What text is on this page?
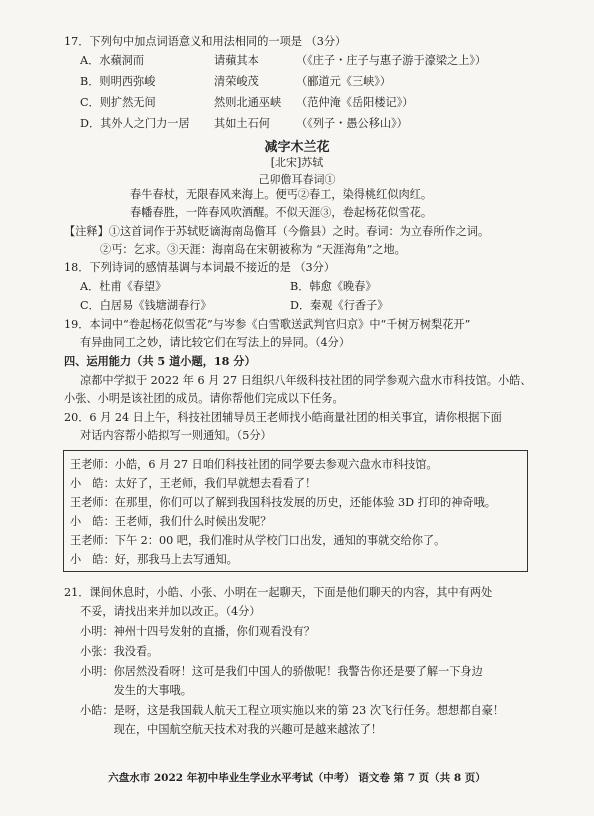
17．下列句中加点词语意义和用法相同的一项是 （3分）
A．水蘋洞而	请蘋其本	（《庄子・庄子与惠子游于濠梁之上》）
B．则明西弥峻	清荣峻茂	（郦道元《三峡》）
C．则扩然无间	然则北通巫峡 （范仲淹《岳阳楼记》）
D．其外人之门力一居 其如土石何 （《列子・愚公移山》）
减字木兰花
[北宋]苏轼
己卯儋耳春词①
春牛春杖，无限春风来海上。便丐②春工，染得桃红似肉红。
春幡春胜，一阵春风吹酒醒。不似天涯③，卷起杨花似雪花。
【注释】①这首词作于苏轼贬谪海南岛儋耳（今儋县）之时。春词：为立春所作之词。
②丐：乞求。③天涯：海南岛在宋朝被称为 “天涯海角”之地。
18．下列诗词的感情基调与本词最不接近的是 （3分）
A．杜甫《春望》	B．韩愈《晚春》
C．白居易《钱塘湖春行》	D．秦观《行香子》
19．本词中“卷起杨花似雪花”与岑参《白雪歌送武判官归京》中“千树万树梨花开”
有异曲同工之妙，请比较它们在写法上的异同。（4分）
四、运用能力（共 5 道小题，18 分）
凉都中学拟于 2022 年 6 月 27 日组织八年级科技社团的同学参观六盘水市科技馆。小皓、
小张、小明是该社团的成员。请你帮他们完成以下任务。
20．6 月 24 日上午，科技社团辅导员王老师找小皓商量社团的相关事宜，请你根据下面
对话内容帮小皓拟写一则通知。（5分）
王老师：小皓，6 月 27 日咱们科技社团的同学要去参观六盘水市科技馆。
小　皓：太好了，王老师，我们早就想去看看了！
王老师：在那里，你们可以了解到我国科技发展的历史，还能体验 3D 打印的神奇哦。
小　皓：王老师，我们什么时候出发呢？
王老师：下午 2：00 吧，我们准时从学校门口出发，通知的事就交给你了。
小　皓：好，那我马上去写通知。
21．课间休息时，小皓、小张、小明在一起聊天，下面是他们聊天的内容，其中有两处
不妥，请找出来并加以改正。（4分）
小明：神州十四号发射的直播，你们观看没有？
小张：我没看。
小明：你居然没看呀！这可是我们中国人的骄傲呢！我警告你还是要了解一下身边
　　　发生的大事哦。
小皓：是呀，这是我国载人航天工程立项实施以来的第 23 次飞行任务。想想都自豪！
　　　现在，中国航空航天技术对我的兴趣可是越来越浓了！
六盘水市 2022 年初中毕业生学业水平考试（中考） 语文卷 第 7 页（共 8 页）
